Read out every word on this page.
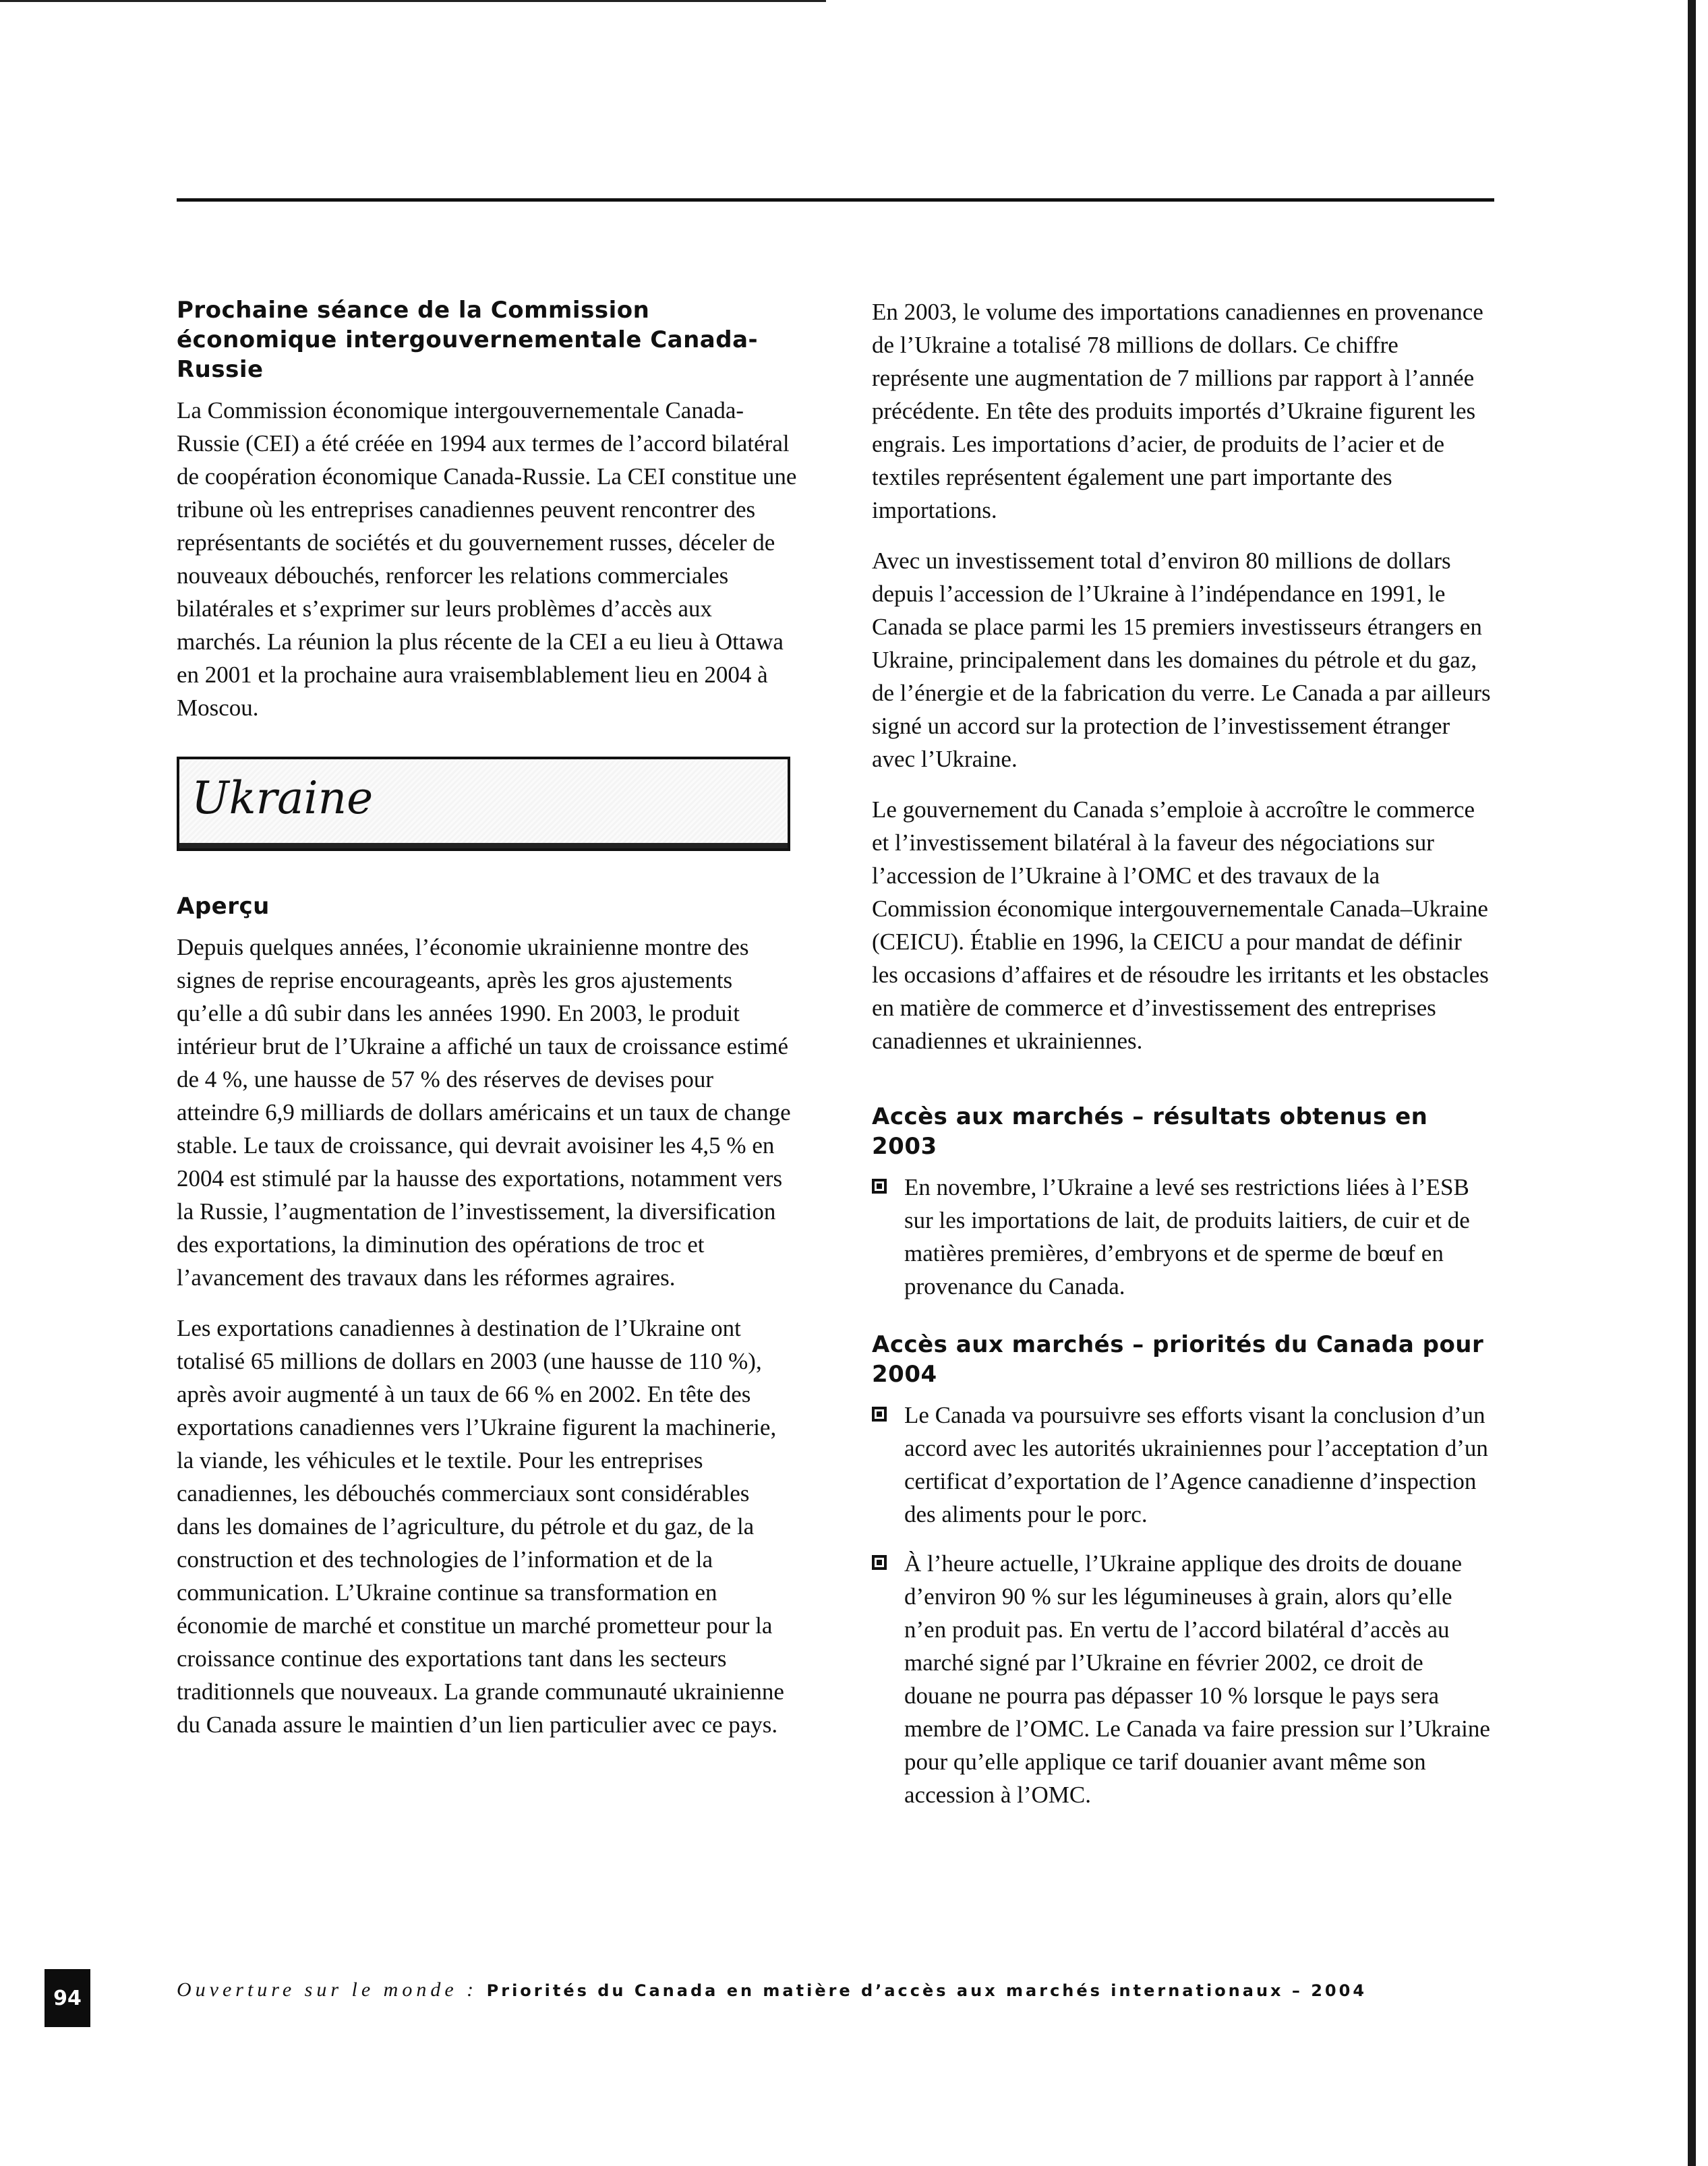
Prochaine séance de la Commission économique intergouvernementale Canada-Russie

La Commission économique intergouvernementale Canada-Russie (CEI) a été créée en 1994 aux termes de l’accord bilatéral de coopération économique Canada-Russie. La CEI constitue une tribune où les entreprises canadiennes peuvent rencontrer des représentants de sociétés et du gouvernement russes, déceler de nouveaux débouchés, renforcer les relations commerciales bilatérales et s’exprimer sur leurs problèmes d’accès aux marchés. La réunion la plus récente de la CEI a eu lieu à Ottawa en 2001 et la prochaine aura vraisemblablement lieu en 2004 à Moscou.

Ukraine
Aperçu

Depuis quelques années, l’économie ukrainienne montre des signes de reprise encourageants, après les gros ajustements qu’elle a dû subir dans les années 1990. En 2003, le produit intérieur brut de l’Ukraine a affiché un taux de croissance estimé de 4 %, une hausse de 57 % des réserves de devises pour atteindre 6,9 milliards de dollars américains et un taux de change stable. Le taux de croissance, qui devrait avoisiner les 4,5 % en 2004 est stimulé par la hausse des exportations, notamment vers la Russie, l’augmentation de l’investissement, la diversification des exportations, la diminution des opérations de troc et l’avancement des travaux dans les réformes agraires.

Les exportations canadiennes à destination de l’Ukraine ont totalisé 65 millions de dollars en 2003 (une hausse de 110 %), après avoir augmenté à un taux de 66 % en 2002. En tête des exportations canadiennes vers l’Ukraine figurent la machinerie, la viande, les véhicules et le textile. Pour les entreprises canadiennes, les débouchés commerciaux sont considérables dans les domaines de l’agriculture, du pétrole et du gaz, de la construction et des technologies de l’information et de la communication. L’Ukraine continue sa transformation en économie de marché et constitue un marché prometteur pour la croissance continue des exportations tant dans les secteurs traditionnels que nouveaux. La grande communauté ukrainienne du Canada assure le maintien d’un lien particulier avec ce pays.

En 2003, le volume des importations canadiennes en provenance de l’Ukraine a totalisé 78 millions de dollars. Ce chiffre représente une augmentation de 7 millions par rapport à l’année précédente. En tête des produits importés d’Ukraine figurent les engrais. Les importations d’acier, de produits de l’acier et de textiles représentent également une part importante des importations.

Avec un investissement total d’environ 80 millions de dollars depuis l’accession de l’Ukraine à l’indépendance en 1991, le Canada se place parmi les 15 premiers investisseurs étrangers en Ukraine, principalement dans les domaines du pétrole et du gaz, de l’énergie et de la fabrication du verre. Le Canada a par ailleurs signé un accord sur la protection de l’investissement étranger avec l’Ukraine.

Le gouvernement du Canada s’emploie à accroître le commerce et l’investissement bilatéral à la faveur des négociations sur l’accession de l’Ukraine à l’OMC et des travaux de la Commission économique intergouvernementale Canada–Ukraine (CEICU). Établie en 1996, la CEICU a pour mandat de définir les occasions d’affaires et de résoudre les irritants et les obstacles en matière de commerce et d’investissement des entreprises canadiennes et ukrainiennes.

Accès aux marchés – résultats obtenus en 2003
En novembre, l’Ukraine a levé ses restrictions liées à l’ESB sur les importations de lait, de produits laitiers, de cuir et de matières premières, d’embryons et de sperme de bœuf en provenance du Canada.
Accès aux marchés – priorités du Canada pour 2004
Le Canada va poursuivre ses efforts visant la conclusion d’un accord avec les autorités ukrainiennes pour l’acceptation d’un certificat d’exportation de l’Agence canadienne d’inspection des aliments pour le porc.
À l’heure actuelle, l’Ukraine applique des droits de douane d’environ 90 % sur les légumineuses à grain, alors qu’elle n’en produit pas. En vertu de l’accord bilatéral d’accès au marché signé par l’Ukraine en février 2002, ce droit de douane ne pourra pas dépasser 10 % lorsque le pays sera membre de l’OMC. Le Canada va faire pression sur l’Ukraine pour qu’elle applique ce tarif douanier avant même son accession à l’OMC.
94	Ouverture sur le monde : Priorités du Canada en matière d’accès aux marchés internationaux – 2004
